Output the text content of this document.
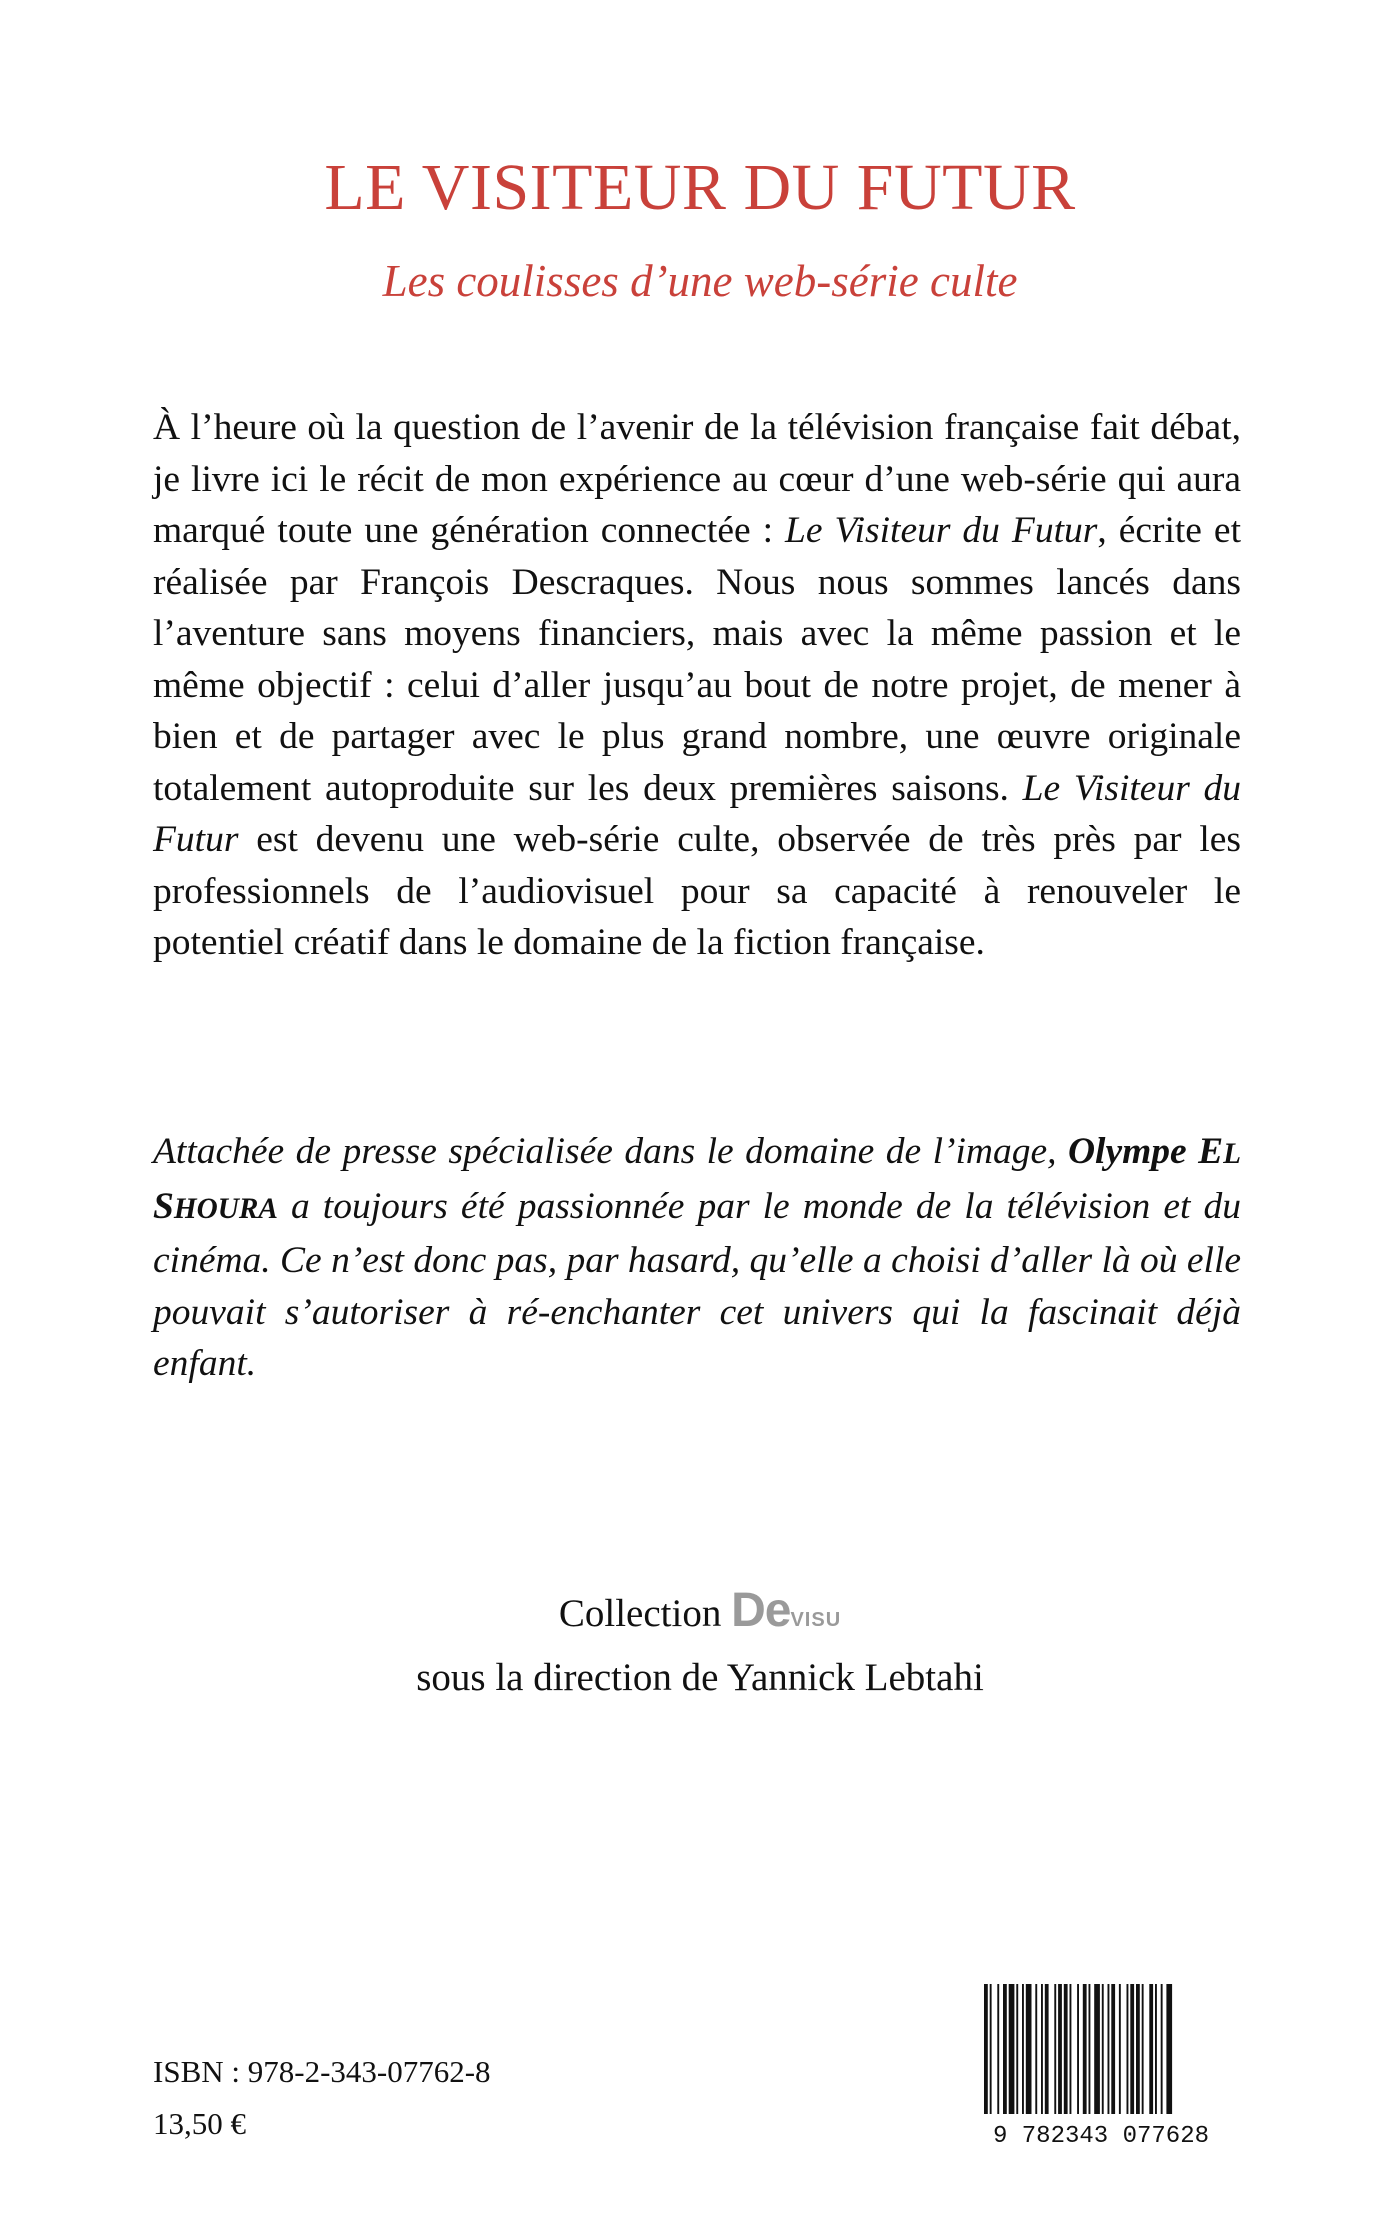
LE VISITEUR DU FUTUR

Les coulisses d’une web-série culte

À l’heure où la question de l’avenir de la télévision française fait débat, je livre ici le récit de mon expérience au cœur d’une web-série qui aura marqué toute une génération connectée : Le Visiteur du Futur, écrite et réalisée par François Descraques. Nous nous sommes lancés dans l’aventure sans moyens financiers, mais avec la même passion et le même objectif : celui d’aller jusqu’au bout de notre projet, de mener à bien et de partager avec le plus grand nombre, une œuvre originale totalement autoproduite sur les deux premières saisons. Le Visiteur du Futur est devenu une web-série culte, observée de très près par les professionnels de l’audiovisuel pour sa capacité à renouveler le potentiel créatif dans le domaine de la fiction française.

Attachée de presse spécialisée dans le domaine de l’image, Olympe EL SHOURA a toujours été passionnée par le monde de la télévision et du cinéma. Ce n’est donc pas, par hasard, qu’elle a choisi d’aller là où elle pouvait s’autoriser à ré-enchanter cet univers qui la fascinait déjà enfant.

Collection DeVISU
sous la direction de Yannick Lebtahi
ISBN : 978-2-343-07762-8
13,50 €	9 782343 077628
